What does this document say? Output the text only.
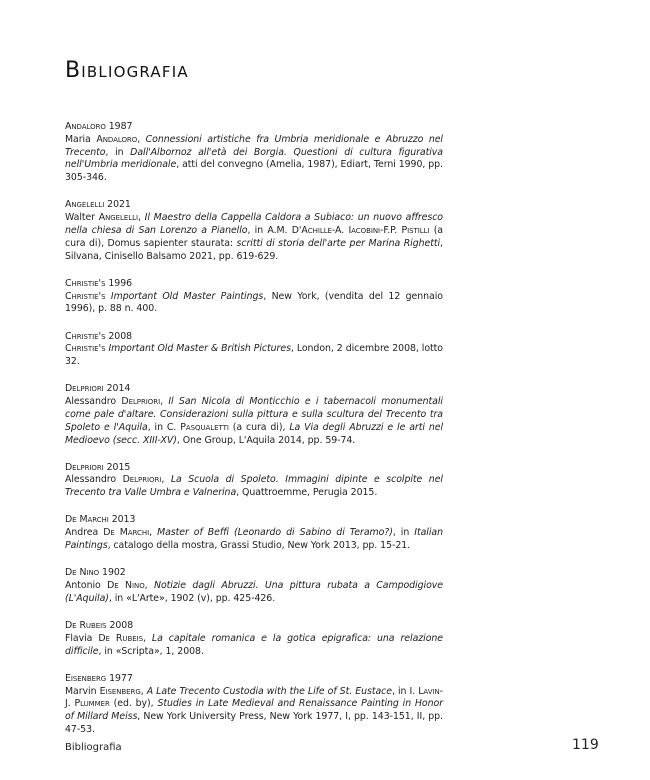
Bibliografia

Andaloro 1987

Maria Andaloro, Connessioni artistiche fra Umbria meridionale e Abruzzo nel Trecento, in Dall'Albornoz all'età dei Borgia. Questioni di cultura figurativa nell'Umbria meridionale, atti del convegno (Amelia, 1987), Ediart, Terni 1990, pp. 305-346.

Angelelli 2021

Walter Angelelli, Il Maestro della Cappella Caldora a Subiaco: un nuovo affresco nella chiesa di San Lorenzo a Pianello, in A.M. D'Achille-A. Iacobini-F.P. Pistilli (a cura di), Domus sapienter staurata: scritti di storia dell'arte per Marina Righetti, Silvana, Cinisello Balsamo 2021, pp. 619-629.

Christie's 1996

Christie's Important Old Master Paintings, New York, (vendita del 12 gennaio 1996), p. 88 n. 400.

Christie's 2008

Christie's Important Old Master & British Pictures, London, 2 dicembre 2008, lotto 32.

Delpriori 2014

Alessandro Delpriori, Il San Nicola di Monticchio e i tabernacoli monumentali come pale d'altare. Considerazioni sulla pittura e sulla scultura del Trecento tra Spoleto e l'Aquila, in C. Pasqualetti (a cura di), La Via degli Abruzzi e le arti nel Medioevo (secc. XIII-XV), One Group, L'Aquila 2014, pp. 59-74.

Delpriori 2015

Alessandro Delpriori, La Scuola di Spoleto. Immagini dipinte e scolpite nel Trecento tra Valle Umbra e Valnerina, Quattroemme, Perugia 2015.

De Marchi 2013

Andrea De Marchi, Master of Beffi (Leonardo di Sabino di Teramo?), in Italian Paintings, catalogo della mostra, Grassi Studio, New York 2013, pp. 15-21.

De Nino 1902

Antonio De Nino, Notizie dagli Abruzzi. Una pittura rubata a Campodigiove (L'Aquila), in «L'Arte», 1902 (v), pp. 425-426.

De Rubeis 2008

Flavia De Rubeis, La capitale romanica e la gotica epigrafica: una relazione difficile, in «Scripta», 1, 2008.

Eisenberg 1977

Marvin Eisenberg, A Late Trecento Custodia with the Life of St. Eustace, in I. Lavin- J. Plummer (ed. by), Studies in Late Medieval and Renaissance Painting in Honor of Millard Meiss, New York University Press, New York 1977, I, pp. 143-151, II, pp. 47-53.

Bibliografia	119
